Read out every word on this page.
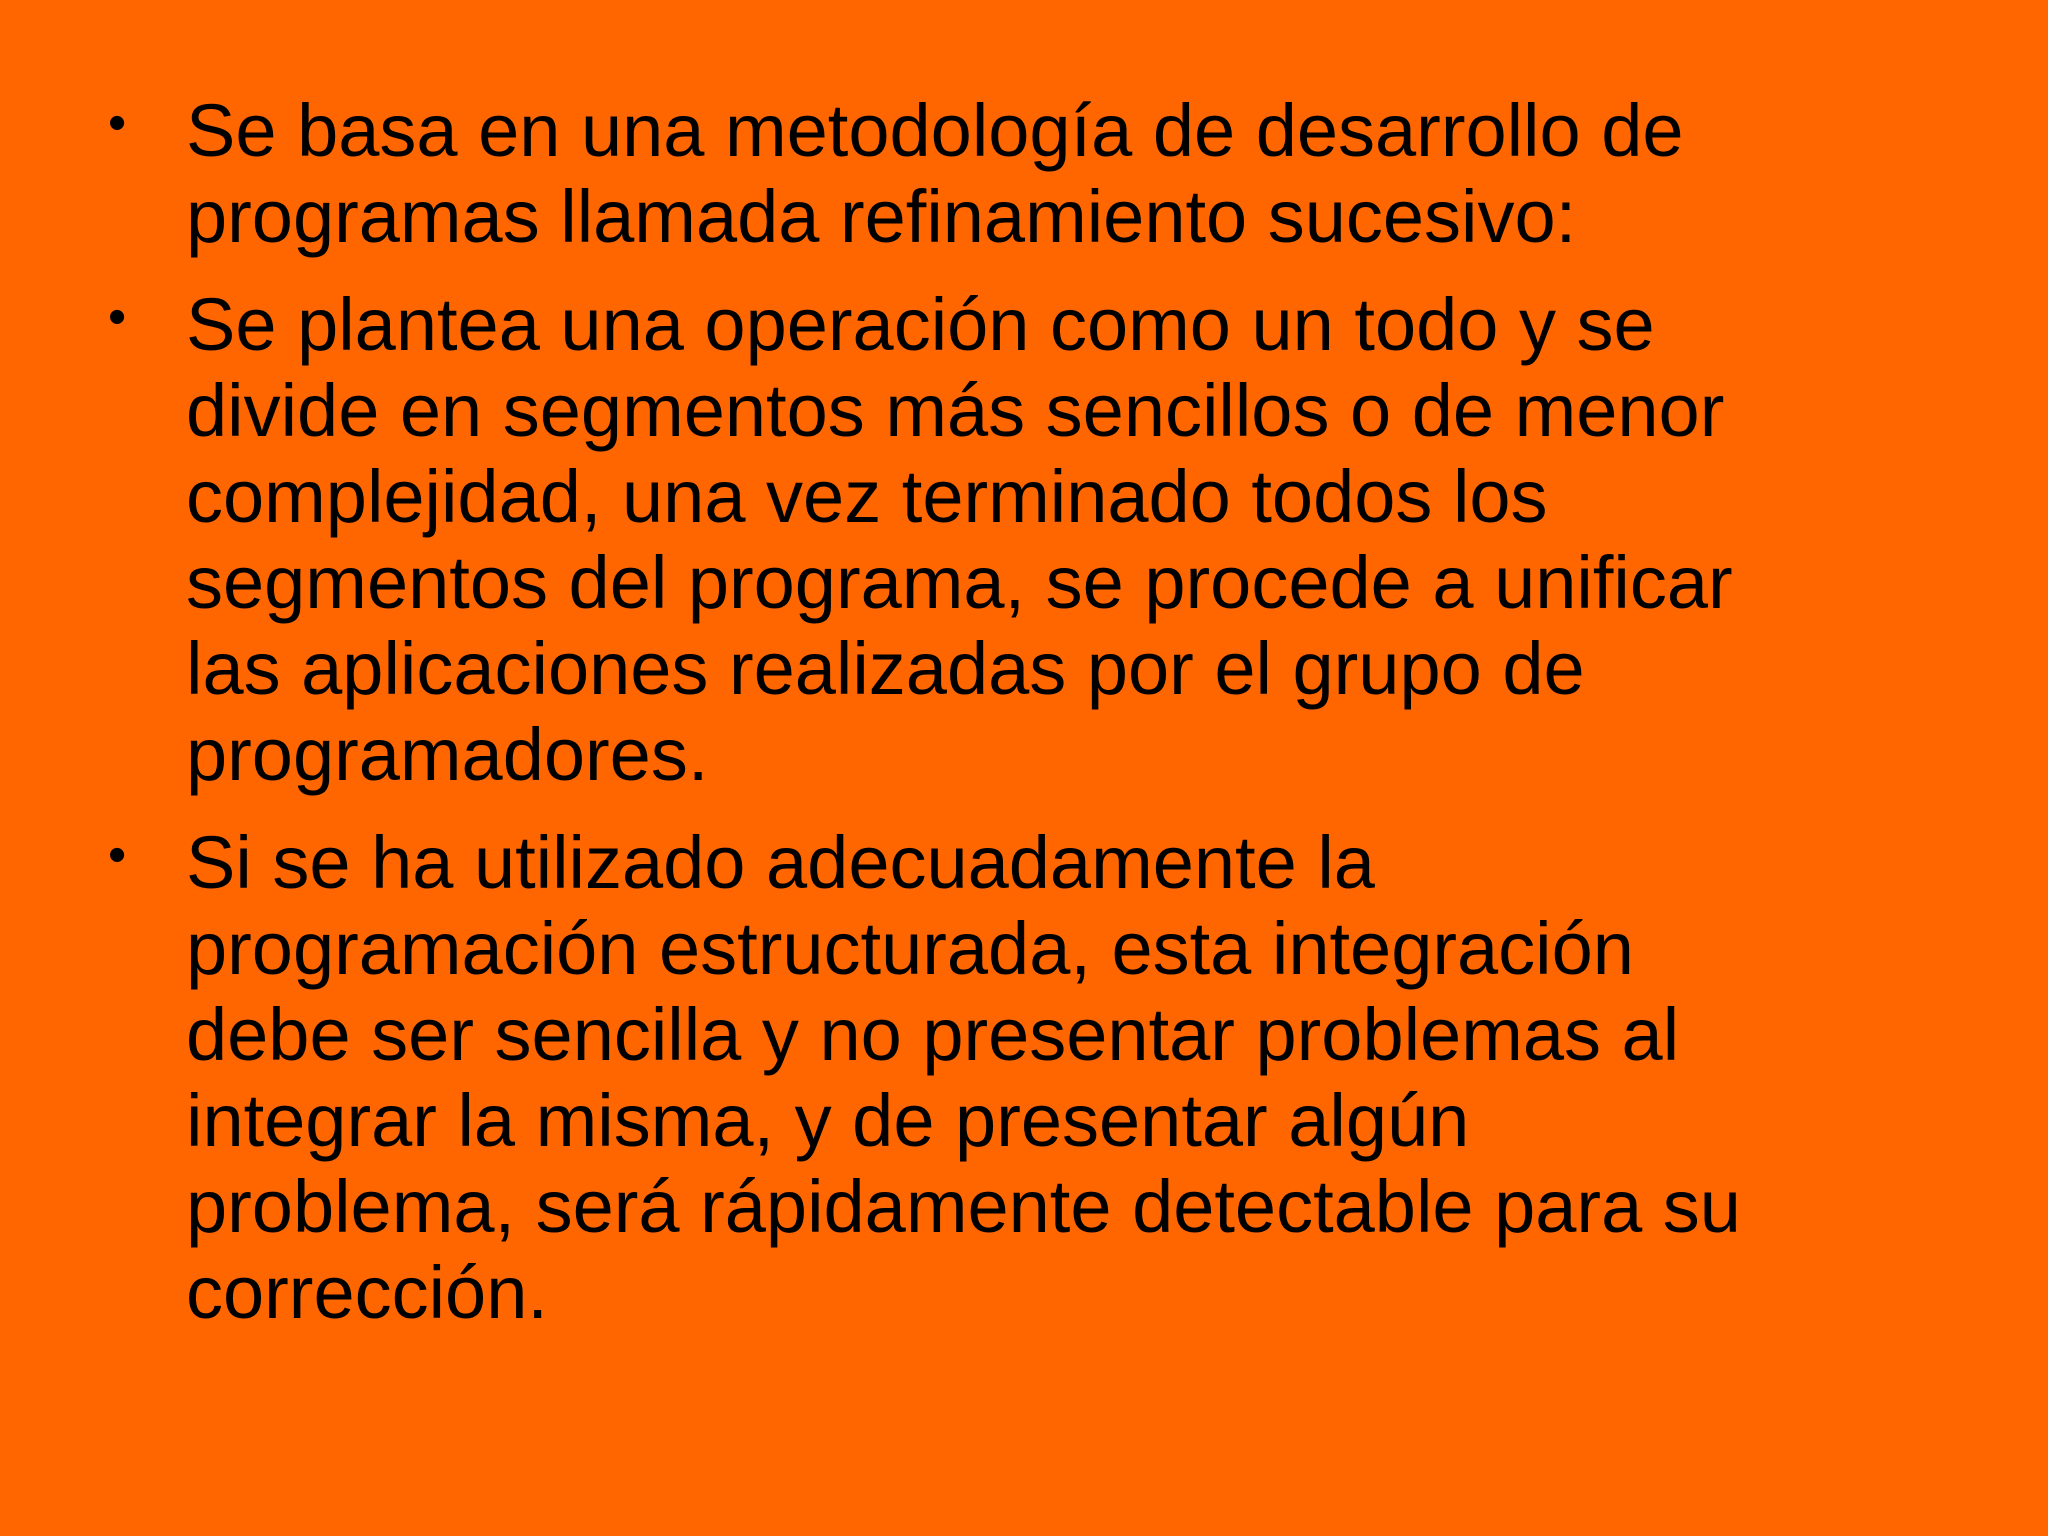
• Se basa en una metodología de desarrollo de
programas llamada refinamiento sucesivo:
• Se plantea una operación como un todo y se
divide en segmentos más sencillos o de menor
complejidad, una vez terminado todos los
segmentos del programa, se procede a unificar
las aplicaciones realizadas por el grupo de
programadores.
• Si se ha utilizado adecuadamente la
programación estructurada, esta integración
debe ser sencilla y no presentar problemas al
integrar la misma, y de presentar algún
problema, será rápidamente detectable para su
corrección.
